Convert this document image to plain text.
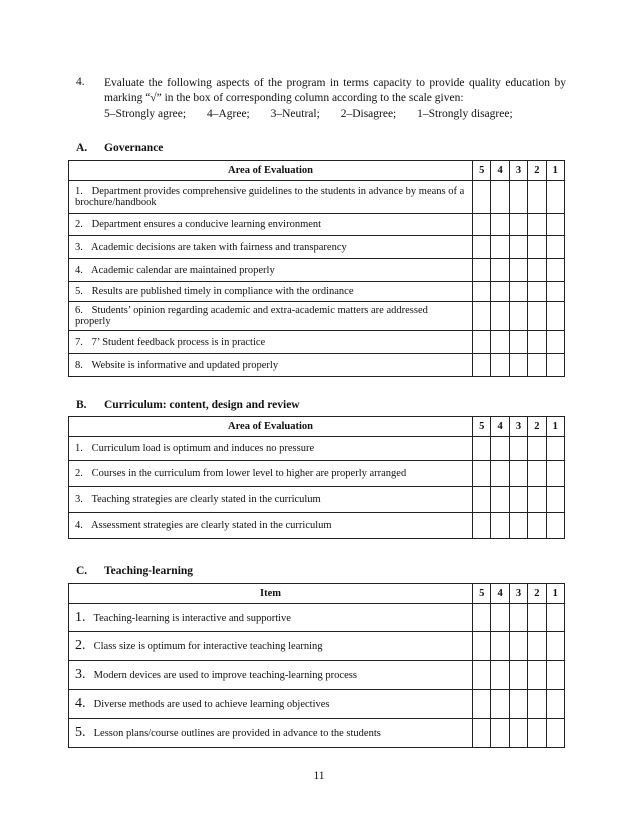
4. Evaluate the following aspects of the program in terms capacity to provide quality education by marking “√” in the box of corresponding column according to the scale given:
5–Strongly agree; 4–Agree; 3–Neutral; 2–Disagree; 1–Strongly disagree;
A. Governance
Area of Evaluation	5	4	3	2	1
1. Department provides comprehensive guidelines to the students in advance by means of a brochure/handbook					
2. Department ensures a conducive learning environment					
3. Academic decisions are taken with fairness and transparency					
4. Academic calendar are maintained properly					
5. Results are published timely in compliance with the ordinance					
6. Students’ opinion regarding academic and extra-academic matters are addressed properly					
7. 7’ Student feedback process is in practice					
8. Website is informative and updated properly					
B. Curriculum: content, design and review
Area of Evaluation	5	4	3	2	1
1. Curriculum load is optimum and induces no pressure					
2. Courses in the curriculum from lower level to higher are properly arranged					
3. Teaching strategies are clearly stated in the curriculum					
4. Assessment strategies are clearly stated in the curriculum					
C. Teaching-learning
Item	5	4	3	2	1
1. Teaching-learning is interactive and supportive					
2. Class size is optimum for interactive teaching learning					
3. Modern devices are used to improve teaching-learning process					
4. Diverse methods are used to achieve learning objectives					
5. Lesson plans/course outlines are provided in advance to the students					
11
